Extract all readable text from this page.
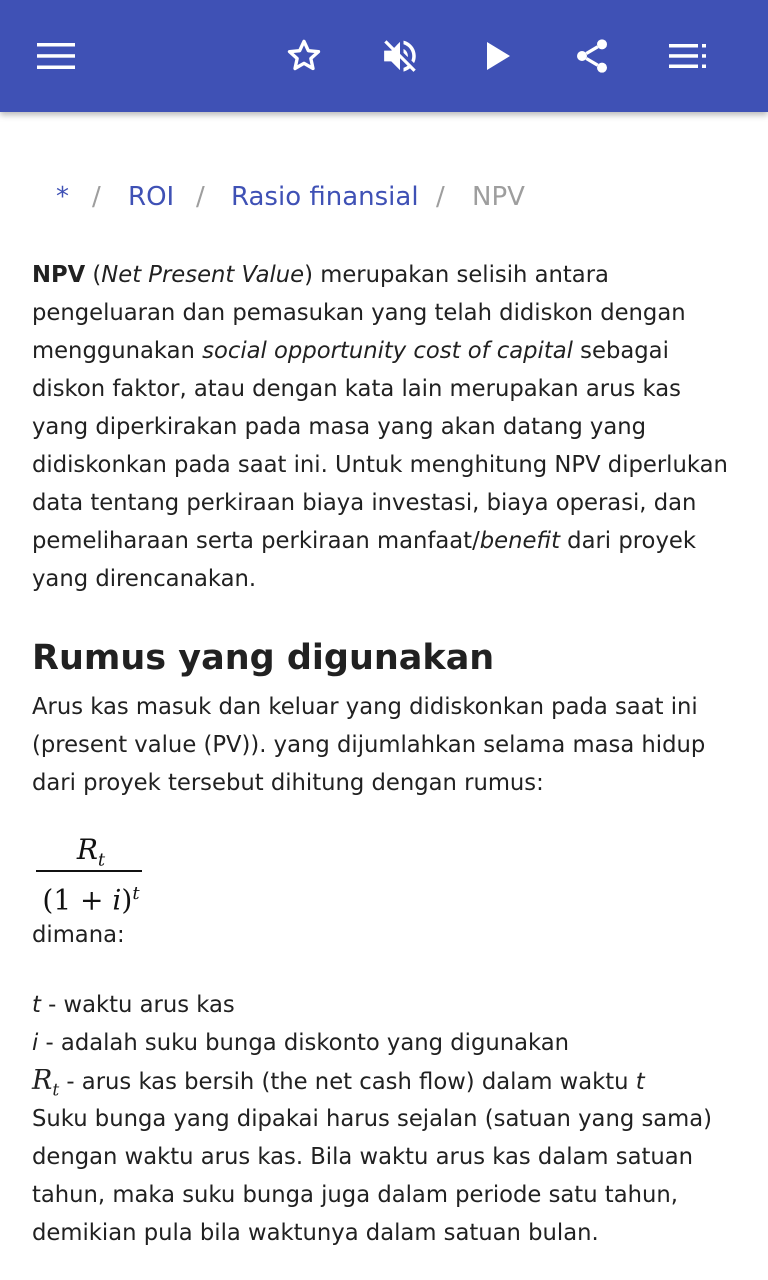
* / ROI / Rasio finansial / NPV

NPV (Net Present Value) merupakan selisih antara pengeluaran dan pemasukan yang telah didiskon dengan menggunakan social opportunity cost of capital sebagai diskon faktor, atau dengan kata lain merupakan arus kas yang diperkirakan pada masa yang akan datang yang didiskonkan pada saat ini. Untuk menghitung NPV diperlukan data tentang perkiraan biaya investasi, biaya operasi, dan pemeliharaan serta perkiraan manfaat/benefit dari proyek yang direncanakan.

Rumus yang digunakan

Arus kas masuk dan keluar yang didiskonkan pada saat ini (present value (PV)). yang dijumlahkan selama masa hidup dari proyek tersebut dihitung dengan rumus:

$R_t$
$(1 + i)^t$
dimana:
t - waktu arus kas
i - adalah suku bunga diskonto yang digunakan
$R_t$ - arus kas bersih (the net cash flow) dalam waktu t

Suku bunga yang dipakai harus sejalan (satuan yang sama) dengan waktu arus kas. Bila waktu arus kas dalam satuan tahun, maka suku bunga juga dalam periode satu tahun, demikian pula bila waktunya dalam satuan bulan.
